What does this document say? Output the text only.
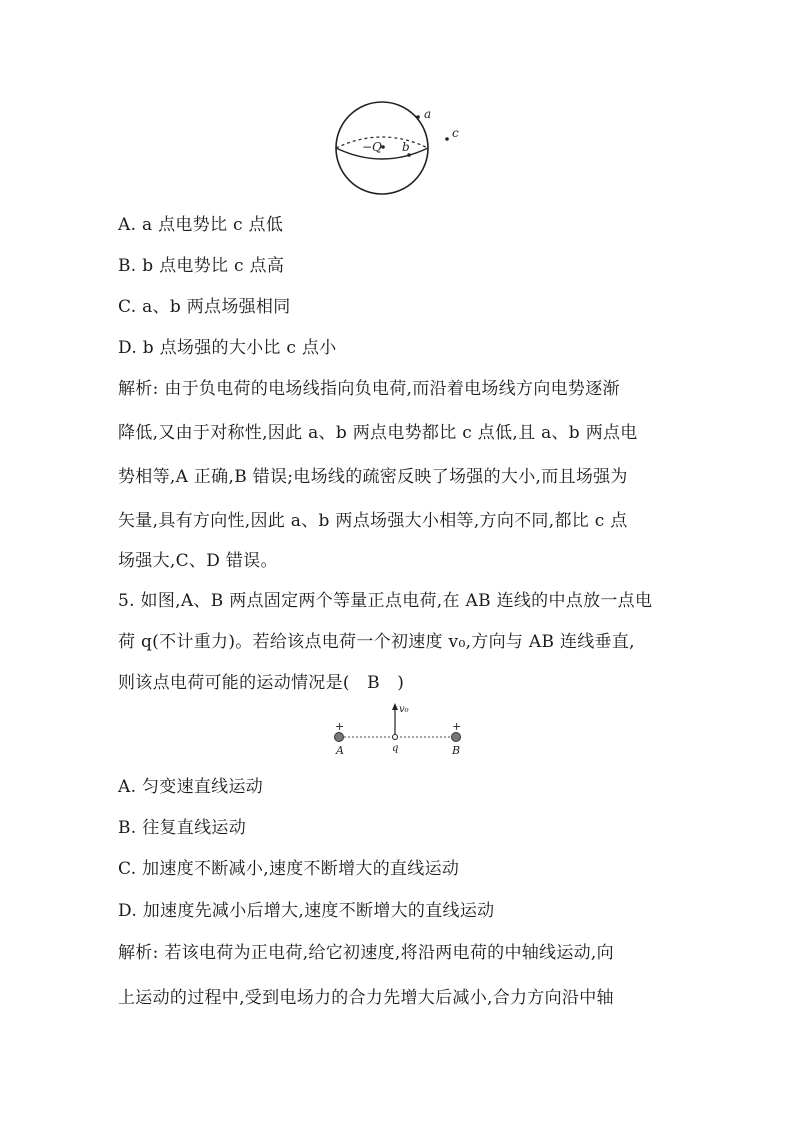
−Q b
a
c
A. a 点电势比 c 点低
B. b 点电势比 c 点高
C. a、b 两点场强相同
D. b 点场强的大小比 c 点小
解析: 由于负电荷的电场线指向负电荷,而沿着电场线方向电势逐渐
降低,又由于对称性,因此 a、b 两点电势都比 c 点低,且 a、b 两点电
势相等,A 正确,B 错误;电场线的疏密反映了场强的大小,而且场强为
矢量,具有方向性,因此 a、b 两点场强大小相等,方向不同,都比 c 点
场强大,C、D 错误。
5. 如图,A、B 两点固定两个等量正点电荷,在 AB 连线的中点放一点电
荷 q(不计重力)。若给该点电荷一个初速度 v₀,方向与 AB 连线垂直,
则该点电荷可能的运动情况是(　B　)
+	+
v₀
q
A	B
A. 匀变速直线运动
B. 往复直线运动
C. 加速度不断减小,速度不断增大的直线运动
D. 加速度先减小后增大,速度不断增大的直线运动
解析: 若该电荷为正电荷,给它初速度,将沿两电荷的中轴线运动,向
上运动的过程中,受到电场力的合力先增大后减小,合力方向沿中轴
